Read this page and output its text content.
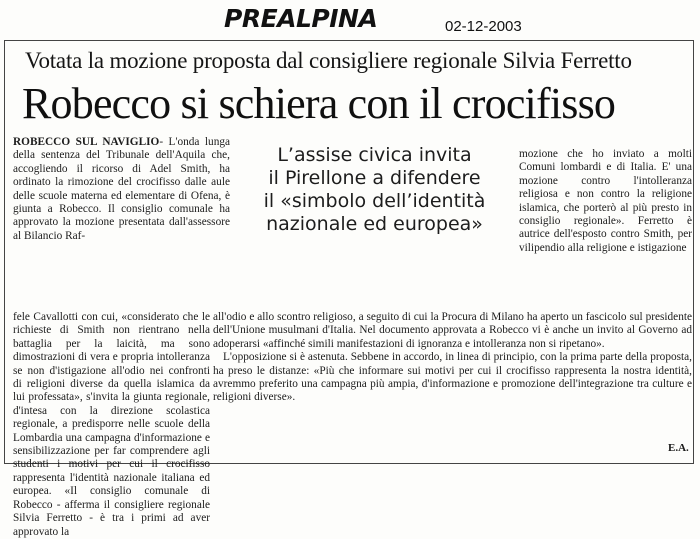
PREALPINA	02-12-2003
Votata la mozione proposta dal consigliere regionale Silvia Ferretto
Robecco si schiera con il crocifisso

ROBECCO SUL NAVIGLIO- L'onda lunga della sentenza del Tribunale dell'Aquila che, accogliendo il ricorso di Adel Smith, ha ordinato la rimozione del crocifisso dalle aule delle scuole materna ed elementare di Ofena, è giunta a Robecco. Il consiglio comunale ha approvato la mozione presentata dall'assessore al Bilancio Raf-

L’assise civica invita
il Pirellone a difendere
il «simbolo dell’identità
nazionale ed europea»

mozione che ho inviato a molti Comuni lombardi e di Italia. E' una mozione contro l'intolleranza religiosa e non contro la religione islamica, che porterò al più presto in consiglio regionale». Ferretto è autrice dell'esposto contro Smith, per vilipendio alla religione e istigazione

fele Cavallotti con cui, «considerato che le richieste di Smith non rientrano nella battaglia per la laicità, ma sono dimostrazioni di vera e propria intolleranza se non d'istigazione all'odio nei confronti di religioni diverse da quella islamica da lui professata», s'invita la giunta regionale, d'intesa con la direzione scolastica regionale, a predisporre nelle scuole della Lombardia una campagna d'informazione e sensibilizzazione per far comprendere agli studenti i motivi per cui il crocifisso rappresenta l'identità nazionale italiana ed europea. «Il consiglio comunale di Robecco - afferma il consigliere regionale Silvia Ferretto - è tra i primi ad aver approvato la

all'odio e allo scontro religioso, a seguito di cui la Procura di Milano ha aperto un fascicolo sul presidente dell'Unione musulmani d'Italia. Nel documento approvata a Robecco vi è anche un invito al Governo ad adoperarsi «affinché simili manifestazioni di ignoranza e intolleranza non si ripetano».

L'opposizione si è astenuta. Sebbene in accordo, in linea di principio, con la prima parte della proposta, ha preso le distanze: «Più che informare sui motivi per cui il crocifisso rappresenta la nostra identità, avremmo preferito una campagna più ampia, d'informazione e promozione dell'integrazione tra culture e religioni diverse».

E.A.
